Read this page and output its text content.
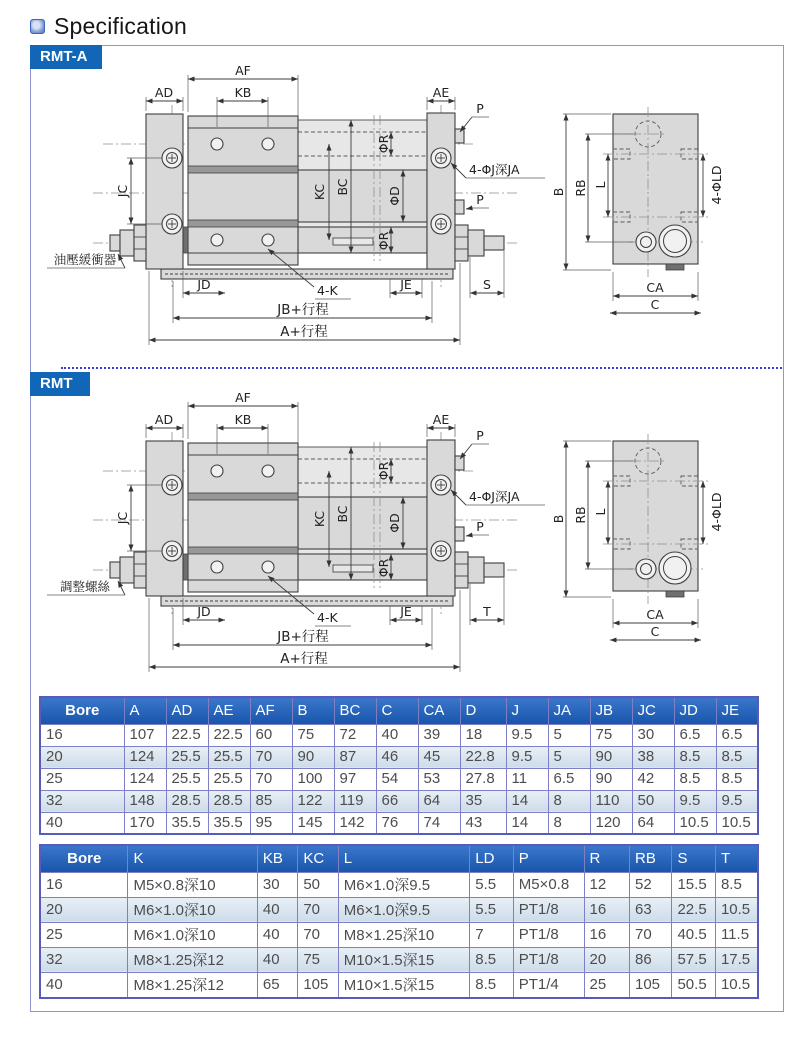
Specification
RMT-A
AF
KB
AD	AE
P
4-ΦJ深JA
P
JC	KC BC
ΦR
ΦD
ΦR
油壓緩衝器
JD	4-K	JE	S
JB+行程
A+行程
B RB L	4-ΦLD
CA
C
RMT
AF
KB
AD	AE
P
4-ΦJ深JA
P
JC	KC BC
ΦR
ΦD
ΦR
調整螺絲
JD	4-K	JE	T
JB+行程
A+行程
B RB L	4-ΦLD
CA
C
Bore	A	AD	AE	AF	B	BC	C	CA	D	J	JA	JB	JC	JD	JE
16	107	22.5	22.5	60	75	72	40	39	18	9.5	5	75	30	6.5	6.5
20	124	25.5	25.5	70	90	87	46	45	22.8	9.5	5	90	38	8.5	8.5
25	124	25.5	25.5	70	100	97	54	53	27.8	11	6.5	90	42	8.5	8.5
32	148	28.5	28.5	85	122	119	66	64	35	14	8	110	50	9.5	9.5
40	170	35.5	35.5	95	145	142	76	74	43	14	8	120	64	10.5	10.5
Bore	K	KB	KC	L	LD	P	R	RB	S	T
16	M5×0.8深10	30	50	M6×1.0深9.5	5.5	M5×0.8	12	52	15.5	8.5
20	M6×1.0深10	40	70	M6×1.0深9.5	5.5	PT1/8	16	63	22.5	10.5
25	M6×1.0深10	40	70	M8×1.25深10	7	PT1/8	16	70	40.5	11.5
32	M8×1.25深12	40	75	M10×1.5深15	8.5	PT1/8	20	86	57.5	17.5
40	M8×1.25深12	65	105	M10×1.5深15	8.5	PT1/4	25	105	50.5	10.5
